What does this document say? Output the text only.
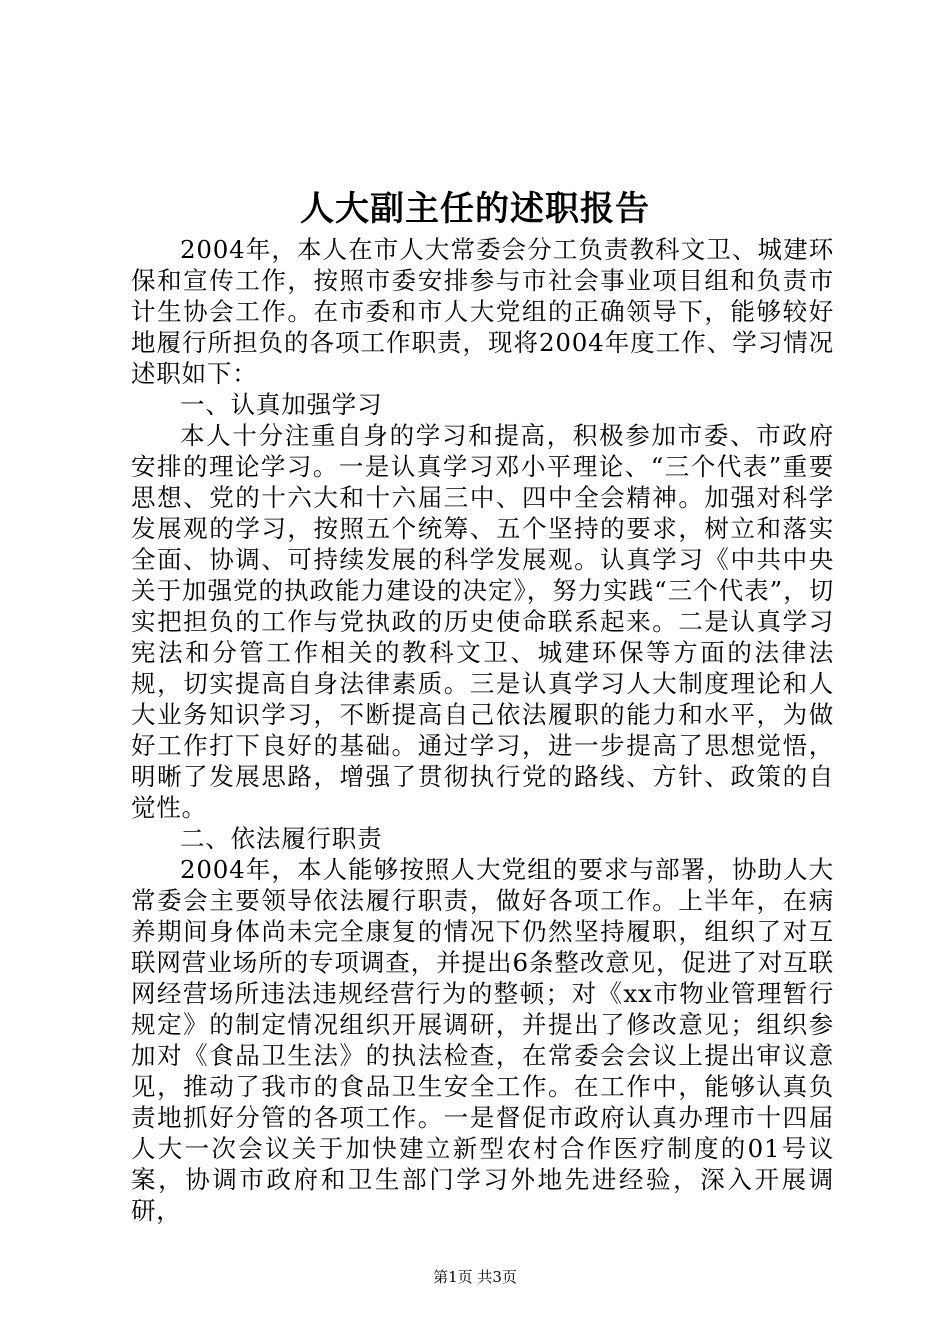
人大副主任的述职报告

2004年，本人在市人大常委会分工负责教科文卫、城建环保和宣传工作，按照市委安排参与市社会事业项目组和负责市计生协会工作。在市委和市人大党组的正确领导下，能够较好地履行所担负的各项工作职责，现将2004年度工作、学习情况述职如下：

一、认真加强学习

本人十分注重自身的学习和提高，积极参加市委、市政府安排的理论学习。一是认真学习邓小平理论、“三个代表”重要思想、党的十六大和十六届三中、四中全会精神。加强对科学发展观的学习，按照五个统筹、五个坚持的要求，树立和落实全面、协调、可持续发展的科学发展观。认真学习《中共中央关于加强党的执政能力建设的决定》，努力实践“三个代表”，切实把担负的工作与党执政的历史使命联系起来。二是认真学习宪法和分管工作相关的教科文卫、城建环保等方面的法律法规，切实提高自身法律素质。三是认真学习人大制度理论和人大业务知识学习，不断提高自己依法履职的能力和水平，为做好工作打下良好的基础。通过学习，进一步提高了思想觉悟，明晰了发展思路，增强了贯彻执行党的路线、方针、政策的自觉性。

二、依法履行职责

2004年，本人能够按照人大党组的要求与部署，协助人大常委会主要领导依法履行职责，做好各项工作。上半年，在病养期间身体尚未完全康复的情况下仍然坚持履职，组织了对互联网营业场所的专项调查，并提出6条整改意见，促进了对互联网经营场所违法违规经营行为的整顿；对《xx市物业管理暂行规定》的制定情况组织开展调研，并提出了修改意见；组织参加对《食品卫生法》的执法检查，在常委会会议上提出审议意见，推动了我市的食品卫生安全工作。在工作中，能够认真负责地抓好分管的各项工作。一是督促市政府认真办理市十四届人大一次会议关于加快建立新型农村合作医疗制度的01号议案，协调市政府和卫生部门学习外地先进经验，深入开展调研，

第1页 共3页
